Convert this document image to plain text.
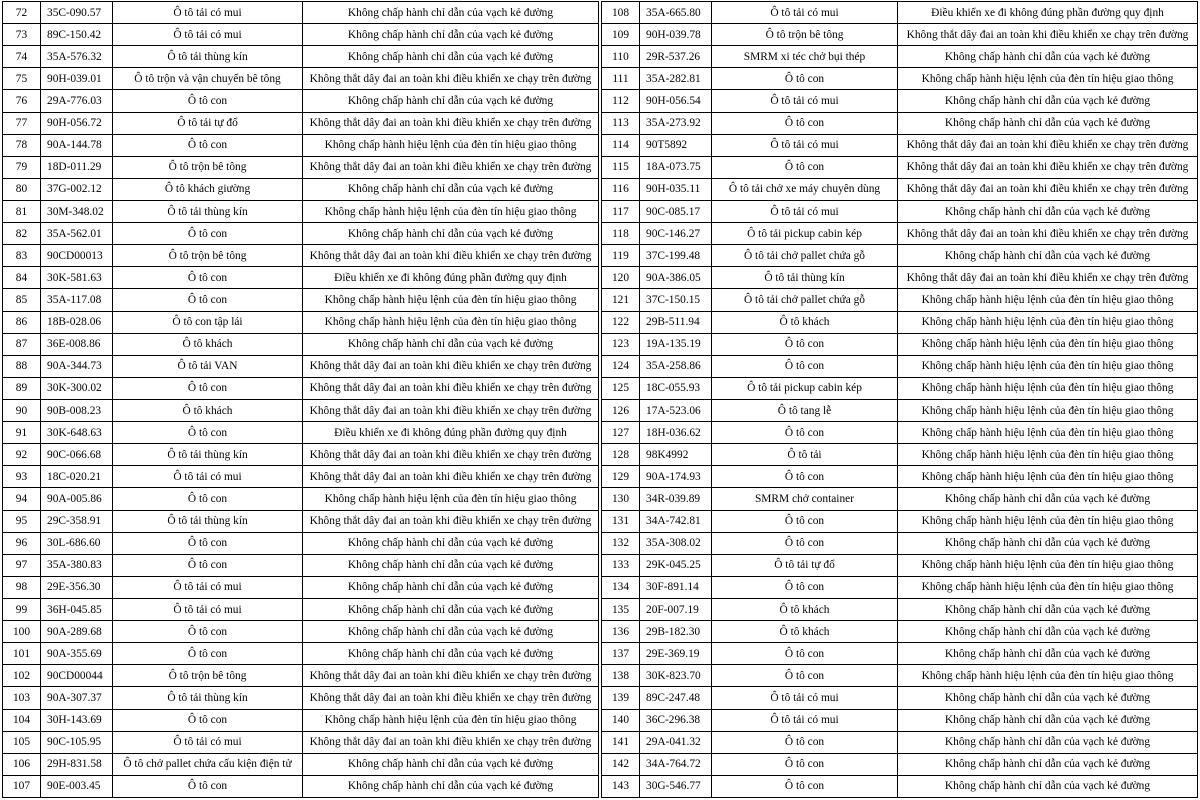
72	35C-090.57	Ô tô tải có mui	Không chấp hành chỉ dẫn của vạch kẻ đường
73	89C-150.42	Ô tô tải có mui	Không chấp hành chỉ dẫn của vạch kẻ đường
74	35A-576.32	Ô tô tải thùng kín	Không chấp hành chỉ dẫn của vạch kẻ đường
75	90H-039.01	Ô tô trộn và vận chuyển bê tông	Không thắt dây đai an toàn khi điều khiển xe chạy trên đường
76	29A-776.03	Ô tô con	Không chấp hành chỉ dẫn của vạch kẻ đường
77	90H-056.72	Ô tô tải tự đổ	Không thắt dây đai an toàn khi điều khiển xe chạy trên đường
78	90A-144.78	Ô tô con	Không chấp hành hiệu lệnh của đèn tín hiệu giao thông
79	18D-011.29	Ô tô trộn bê tông	Không thắt dây đai an toàn khi điều khiển xe chạy trên đường
80	37G-002.12	Ô tô khách giường	Không chấp hành chỉ dẫn của vạch kẻ đường
81	30M-348.02	Ô tô tải thùng kín	Không chấp hành hiệu lệnh của đèn tín hiệu giao thông
82	35A-562.01	Ô tô con	Không chấp hành chỉ dẫn của vạch kẻ đường
83	90CD00013	Ô tô trộn bê tông	Không thắt dây đai an toàn khi điều khiển xe chạy trên đường
84	30K-581.63	Ô tô con	Điều khiển xe đi không đúng phần đường quy định
85	35A-117.08	Ô tô con	Không chấp hành hiệu lệnh của đèn tín hiệu giao thông
86	18B-028.06	Ô tô con tập lái	Không chấp hành hiệu lệnh của đèn tín hiệu giao thông
87	36E-008.86	Ô tô khách	Không chấp hành chỉ dẫn của vạch kẻ đường
88	90A-344.73	Ô tô tải VAN	Không thắt dây đai an toàn khi điều khiển xe chạy trên đường
89	30K-300.02	Ô tô con	Không thắt dây đai an toàn khi điều khiển xe chạy trên đường
90	90B-008.23	Ô tô khách	Không thắt dây đai an toàn khi điều khiển xe chạy trên đường
91	30K-648.63	Ô tô con	Điều khiển xe đi không đúng phần đường quy định
92	90C-066.68	Ô tô tải thùng kín	Không thắt dây đai an toàn khi điều khiển xe chạy trên đường
93	18C-020.21	Ô tô tải có mui	Không thắt dây đai an toàn khi điều khiển xe chạy trên đường
94	90A-005.86	Ô tô con	Không chấp hành hiệu lệnh của đèn tín hiệu giao thông
95	29C-358.91	Ô tô tải thùng kín	Không thắt dây đai an toàn khi điều khiển xe chạy trên đường
96	30L-686.60	Ô tô con	Không chấp hành chỉ dẫn của vạch kẻ đường
97	35A-380.83	Ô tô con	Không chấp hành chỉ dẫn của vạch kẻ đường
98	29E-356.30	Ô tô tải có mui	Không chấp hành chỉ dẫn của vạch kẻ đường
99	36H-045.85	Ô tô tải có mui	Không chấp hành chỉ dẫn của vạch kẻ đường
100	90A-289.68	Ô tô con	Không chấp hành chỉ dẫn của vạch kẻ đường
101	90A-355.69	Ô tô con	Không chấp hành chỉ dẫn của vạch kẻ đường
102	90CD00044	Ô tô trộn bê tông	Không thắt dây đai an toàn khi điều khiển xe chạy trên đường
103	90A-307.37	Ô tô tải thùng kín	Không thắt dây đai an toàn khi điều khiển xe chạy trên đường
104	30H-143.69	Ô tô con	Không chấp hành hiệu lệnh của đèn tín hiệu giao thông
105	90C-105.95	Ô tô tải có mui	Không thắt dây đai an toàn khi điều khiển xe chạy trên đường
106	29H-831.58	Ô tô chở pallet chứa cấu kiện điện tử	Không chấp hành chỉ dẫn của vạch kẻ đường
107	90E-003.45	Ô tô con	Không chấp hành chỉ dẫn của vạch kẻ đường
108	35A-665.80	Ô tô tải có mui	Điều khiển xe đi không đúng phần đường quy định
109	90H-039.78	Ô tô trộn bê tông	Không thắt dây đai an toàn khi điều khiển xe chạy trên đường
110	29R-537.26	SMRM xi téc chở bụi thép	Không chấp hành chỉ dẫn của vạch kẻ đường
111	35A-282.81	Ô tô con	Không chấp hành hiệu lệnh của đèn tín hiệu giao thông
112	90H-056.54	Ô tô tải có mui	Không chấp hành chỉ dẫn của vạch kẻ đường
113	35A-273.92	Ô tô con	Không chấp hành chỉ dẫn của vạch kẻ đường
114	90T5892	Ô tô tải có mui	Không thắt dây đai an toàn khi điều khiển xe chạy trên đường
115	18A-073.75	Ô tô con	Không thắt dây đai an toàn khi điều khiển xe chạy trên đường
116	90H-035.11	Ô tô tải chở xe máy chuyên dùng	Không thắt dây đai an toàn khi điều khiển xe chạy trên đường
117	90C-085.17	Ô tô tải có mui	Không chấp hành chỉ dẫn của vạch kẻ đường
118	90C-146.27	Ô tô tải pickup cabin kép	Không thắt dây đai an toàn khi điều khiển xe chạy trên đường
119	37C-199.48	Ô tô tải chở pallet chứa gỗ	Không chấp hành chỉ dẫn của vạch kẻ đường
120	90A-386.05	Ô tô tải thùng kín	Không thắt dây đai an toàn khi điều khiển xe chạy trên đường
121	37C-150.15	Ô tô tải chở pallet chứa gỗ	Không chấp hành hiệu lệnh của đèn tín hiệu giao thông
122	29B-511.94	Ô tô khách	Không chấp hành hiệu lệnh của đèn tín hiệu giao thông
123	19A-135.19	Ô tô con	Không chấp hành hiệu lệnh của đèn tín hiệu giao thông
124	35A-258.86	Ô tô con	Không chấp hành hiệu lệnh của đèn tín hiệu giao thông
125	18C-055.93	Ô tô tải pickup cabin kép	Không chấp hành hiệu lệnh của đèn tín hiệu giao thông
126	17A-523.06	Ô tô tang lễ	Không chấp hành hiệu lệnh của đèn tín hiệu giao thông
127	18H-036.62	Ô tô con	Không chấp hành hiệu lệnh của đèn tín hiệu giao thông
128	98K4992	Ô tô tải	Không chấp hành hiệu lệnh của đèn tín hiệu giao thông
129	90A-174.93	Ô tô con	Không chấp hành hiệu lệnh của đèn tín hiệu giao thông
130	34R-039.89	SMRM chở container	Không chấp hành chỉ dẫn của vạch kẻ đường
131	34A-742.81	Ô tô con	Không chấp hành hiệu lệnh của đèn tín hiệu giao thông
132	35A-308.02	Ô tô con	Không chấp hành chỉ dẫn của vạch kẻ đường
133	29K-045.25	Ô tô tải tự đổ	Không chấp hành hiệu lệnh của đèn tín hiệu giao thông
134	30F-891.14	Ô tô con	Không chấp hành hiệu lệnh của đèn tín hiệu giao thông
135	20F-007.19	Ô tô khách	Không chấp hành chỉ dẫn của vạch kẻ đường
136	29B-182.30	Ô tô khách	Không chấp hành chỉ dẫn của vạch kẻ đường
137	29E-369.19	Ô tô con	Không chấp hành chỉ dẫn của vạch kẻ đường
138	30K-823.70	Ô tô con	Không chấp hành hiệu lệnh của đèn tín hiệu giao thông
139	89C-247.48	Ô tô tải có mui	Không chấp hành chỉ dẫn của vạch kẻ đường
140	36C-296.38	Ô tô tải có mui	Không chấp hành chỉ dẫn của vạch kẻ đường
141	29A-041.32	Ô tô con	Không chấp hành chỉ dẫn của vạch kẻ đường
142	34A-764.72	Ô tô con	Không chấp hành chỉ dẫn của vạch kẻ đường
143	30G-546.77	Ô tô con	Không chấp hành chỉ dẫn của vạch kẻ đường
